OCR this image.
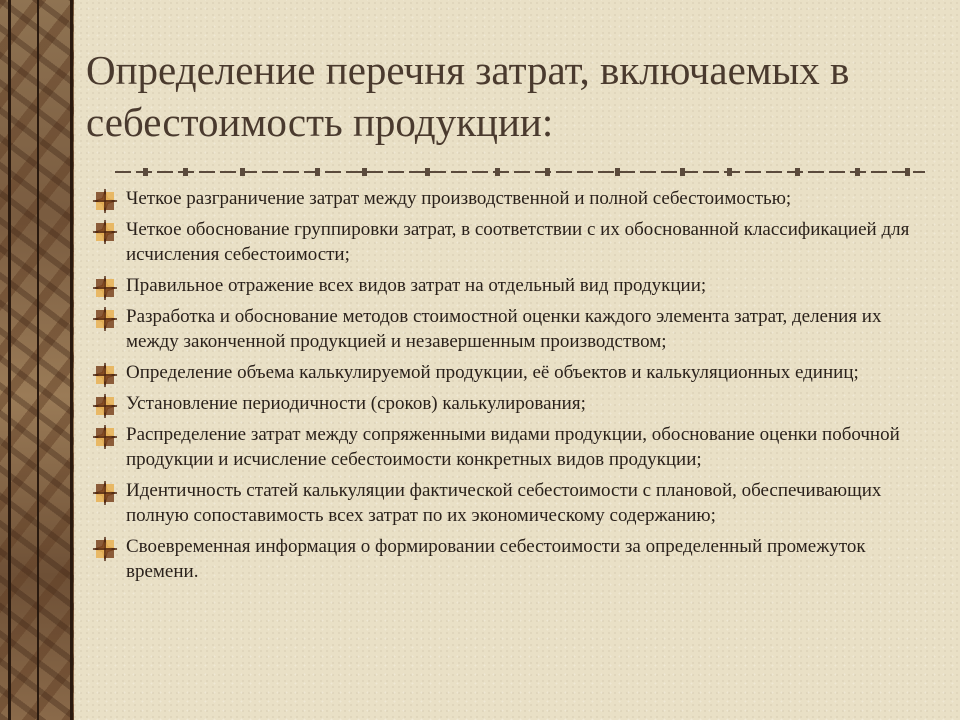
Определение перечня затрат, включаемых в себестоимость продукции:
Четкое разграничение затрат между производственной и полной себестоимостью;
Четкое обоснование группировки затрат, в соответствии с их обоснованной классификацией для исчисления себестоимости;
Правильное отражение всех видов затрат на отдельный вид продукции;
Разработка и обоснование методов стоимостной оценки каждого элемента затрат, деления их между законченной продукцией и незавершенным производством;
Определение объема калькулируемой продукции, её объектов и калькуляционных единиц;
Установление периодичности (сроков) калькулирования;
Распределение затрат между сопряженными видами продукции, обоснование оценки побочной продукции и исчисление себестоимости конкретных видов продукции;
Идентичность статей калькуляции фактической себестоимости с плановой, обеспечивающих полную сопоставимость всех затрат по их экономическому содержанию;
Своевременная информация о формировании себестоимости за определенный промежуток времени.
